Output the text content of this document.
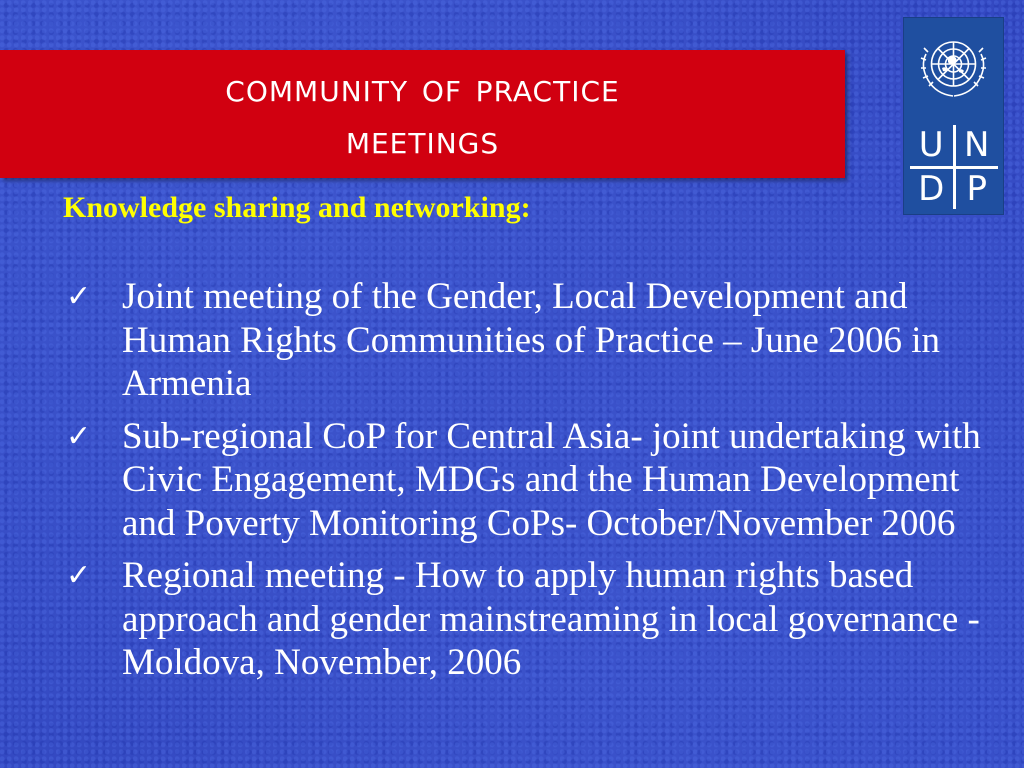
community of practice
meetings	U N
D P
Knowledge sharing and networking:
✓ Joint meeting of the Gender, Local Development and Human Rights Communities of Practice – June 2006 in Armenia
✓ Sub-regional CoP for Central Asia- joint undertaking with Civic Engagement, MDGs and the Human Development and Poverty Monitoring CoPs- October/November 2006
✓ Regional meeting - How to apply human rights based approach and gender mainstreaming in local governance - Moldova, November, 2006
